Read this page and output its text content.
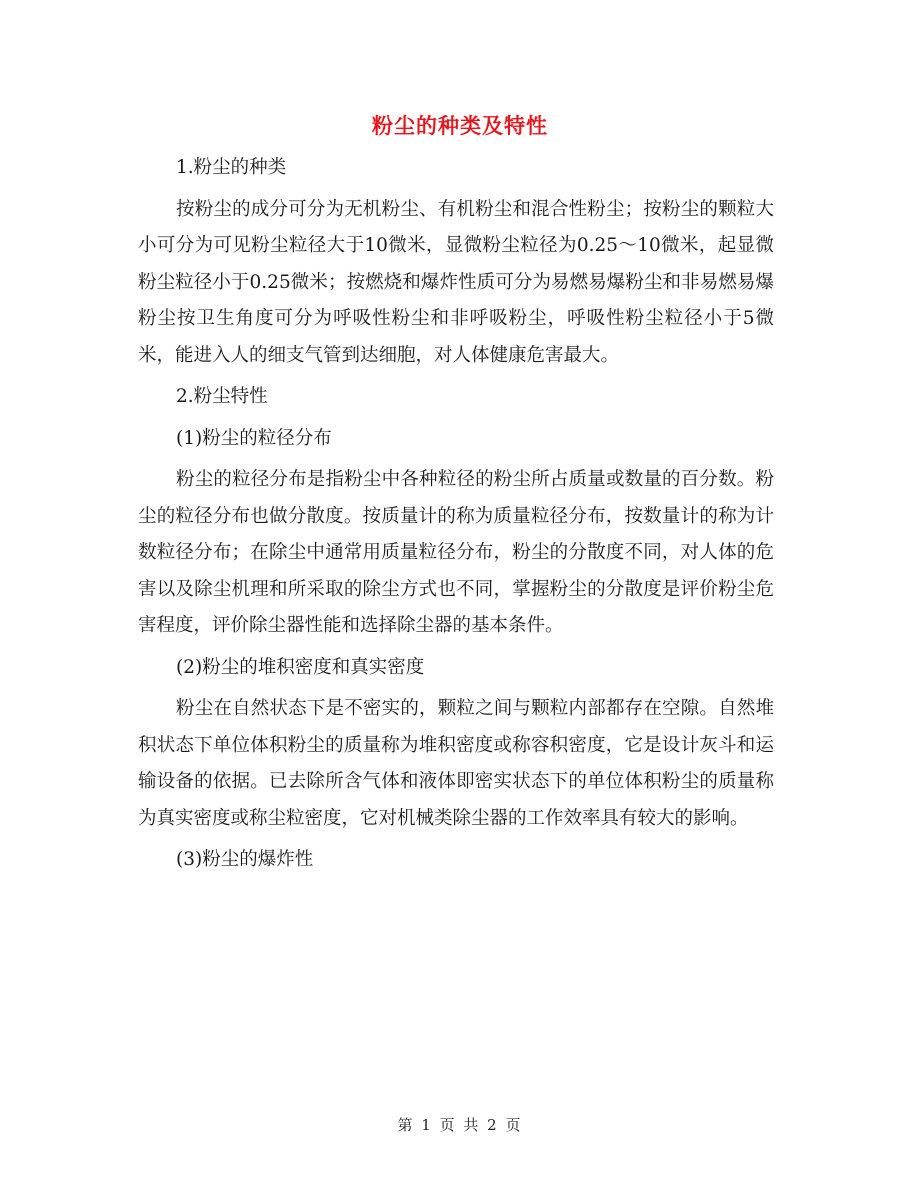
粉尘的种类及特性

1.粉尘的种类

按粉尘的成分可分为无机粉尘、有机粉尘和混合性粉尘；按粉尘的颗粒大小可分为可见粉尘粒径大于10微米，显微粉尘粒径为0.25～10微米，起显微粉尘粒径小于0.25微米；按燃烧和爆炸性质可分为易燃易爆粉尘和非易燃易爆粉尘按卫生角度可分为呼吸性粉尘和非呼吸粉尘，呼吸性粉尘粒径小于5微米，能进入人的细支气管到达细胞，对人体健康危害最大。

2.粉尘特性

(1)粉尘的粒径分布

粉尘的粒径分布是指粉尘中各种粒径的粉尘所占质量或数量的百分数。粉尘的粒径分布也做分散度。按质量计的称为质量粒径分布，按数量计的称为计数粒径分布；在除尘中通常用质量粒径分布，粉尘的分散度不同，对人体的危害以及除尘机理和所采取的除尘方式也不同，掌握粉尘的分散度是评价粉尘危害程度，评价除尘器性能和选择除尘器的基本条件。

(2)粉尘的堆积密度和真实密度

粉尘在自然状态下是不密实的，颗粒之间与颗粒内部都存在空隙。自然堆积状态下单位体积粉尘的质量称为堆积密度或称容积密度，它是设计灰斗和运输设备的依据。已去除所含气体和液体即密实状态下的单位体积粉尘的质量称为真实密度或称尘粒密度，它对机械类除尘器的工作效率具有较大的影响。

(3)粉尘的爆炸性

第 1 页 共 2 页
